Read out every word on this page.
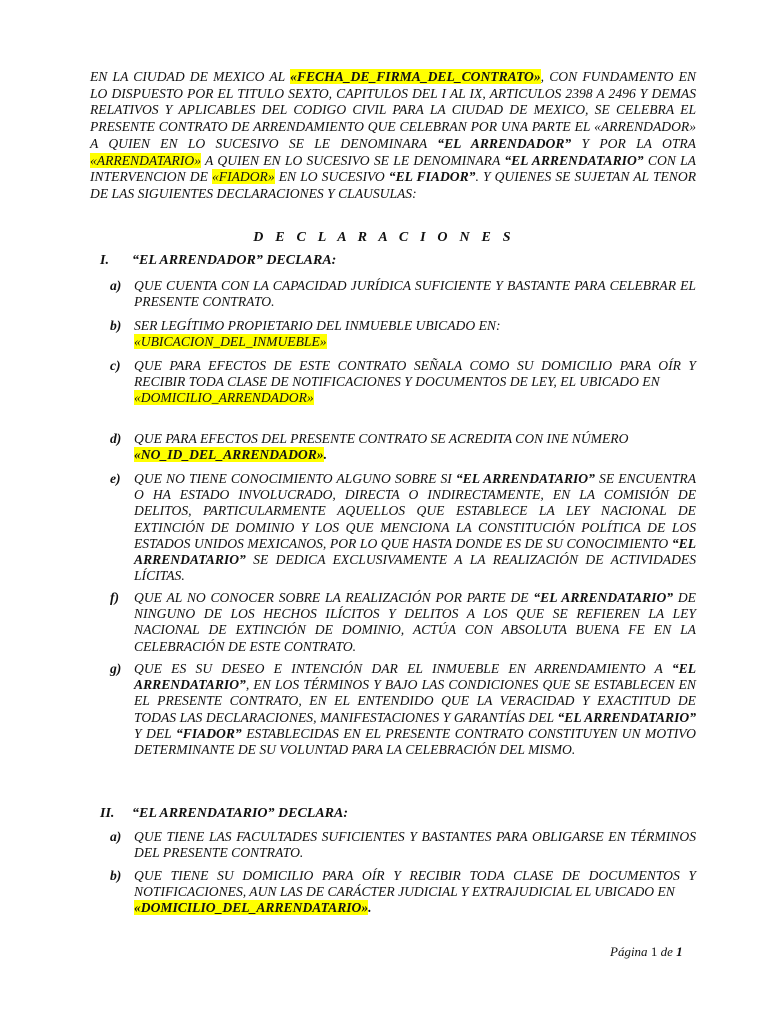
EN LA CIUDAD DE MEXICO AL «FECHA_DE_FIRMA_DEL_CONTRATO», CON FUNDAMENTO EN LO DISPUESTO POR EL TITULO SEXTO, CAPITULOS DEL I AL IX, ARTICULOS 2398 A 2496 Y DEMAS RELATIVOS Y APLICABLES DEL CODIGO CIVIL PARA LA CIUDAD DE MEXICO, SE CELEBRA EL PRESENTE CONTRATO DE ARRENDAMIENTO QUE CELEBRAN POR UNA PARTE EL «ARRENDADOR» A QUIEN EN LO SUCESIVO SE LE DENOMINARA “EL ARRENDADOR” Y POR LA OTRA «ARRENDATARIO» A QUIEN EN LO SUCESIVO SE LE DENOMINARA “EL ARRENDATARIO” CON LA INTERVENCION DE «FIADOR» EN LO SUCESIVO “EL FIADOR”. Y QUIENES SE SUJETAN AL TENOR DE LAS SIGUIENTES DECLARACIONES Y CLAUSULAS:

D E C L A R A C I O N E S
I. “EL ARRENDADOR” DECLARA:
a) QUE CUENTA CON LA CAPACIDAD JURÍDICA SUFICIENTE Y BASTANTE PARA CELEBRAR EL PRESENTE CONTRATO.
b) SER LEGÍTIMO PROPIETARIO DEL INMUEBLE UBICADO EN:
«UBICACION_DEL_INMUEBLE»
c) QUE PARA EFECTOS DE ESTE CONTRATO SEÑALA COMO SU DOMICILIO PARA OÍR Y RECIBIR TODA CLASE DE NOTIFICACIONES Y DOCUMENTOS DE LEY, EL UBICADO EN
«DOMICILIO_ARRENDADOR»
d) QUE PARA EFECTOS DEL PRESENTE CONTRATO SE ACREDITA CON INE NÚMERO
«NO_ID_DEL_ARRENDADOR».
e) QUE NO TIENE CONOCIMIENTO ALGUNO SOBRE SI “EL ARRENDATARIO” SE ENCUENTRA O HA ESTADO INVOLUCRADO, DIRECTA O INDIRECTAMENTE, EN LA COMISIÓN DE DELITOS, PARTICULARMENTE AQUELLOS QUE ESTABLECE LA LEY NACIONAL DE EXTINCIÓN DE DOMINIO Y LOS QUE MENCIONA LA CONSTITUCIÓN POLÍTICA DE LOS ESTADOS UNIDOS MEXICANOS, POR LO QUE HASTA DONDE ES DE SU CONOCIMIENTO “EL ARRENDATARIO” SE DEDICA EXCLUSIVAMENTE A LA REALIZACIÓN DE ACTIVIDADES LÍCITAS.
f)	QUE AL NO CONOCER SOBRE LA REALIZACIÓN POR PARTE DE “EL ARRENDATARIO” DE NINGUNO DE LOS HECHOS ILÍCITOS Y DELITOS A LOS QUE SE REFIEREN LA LEY NACIONAL DE EXTINCIÓN DE DOMINIO, ACTÚA CON ABSOLUTA BUENA FE EN LA CELEBRACIÓN DE ESTE CONTRATO.
g) QUE ES SU DESEO E INTENCIÓN DAR EL INMUEBLE EN ARRENDAMIENTO A “EL ARRENDATARIO”, EN LOS TÉRMINOS Y BAJO LAS CONDICIONES QUE SE ESTABLECEN EN EL PRESENTE CONTRATO, EN EL ENTENDIDO QUE LA VERACIDAD Y EXACTITUD DE TODAS LAS DECLARACIONES, MANIFESTACIONES Y GARANTÍAS DEL “EL ARRENDATARIO” Y DEL “FIADOR” ESTABLECIDAS EN EL PRESENTE CONTRATO CONSTITUYEN UN MOTIVO DETERMINANTE DE SU VOLUNTAD PARA LA CELEBRACIÓN DEL MISMO.
II. “EL ARRENDATARIO” DECLARA:
a) QUE TIENE LAS FACULTADES SUFICIENTES Y BASTANTES PARA OBLIGARSE EN TÉRMINOS DEL PRESENTE CONTRATO.
b) QUE TIENE SU DOMICILIO PARA OÍR Y RECIBIR TODA CLASE DE DOCUMENTOS Y NOTIFICACIONES, AUN LAS DE CARÁCTER JUDICIAL Y EXTRAJUDICIAL EL UBICADO EN
«DOMICILIO_DEL_ARRENDATARIO».
Página 1 de 1
